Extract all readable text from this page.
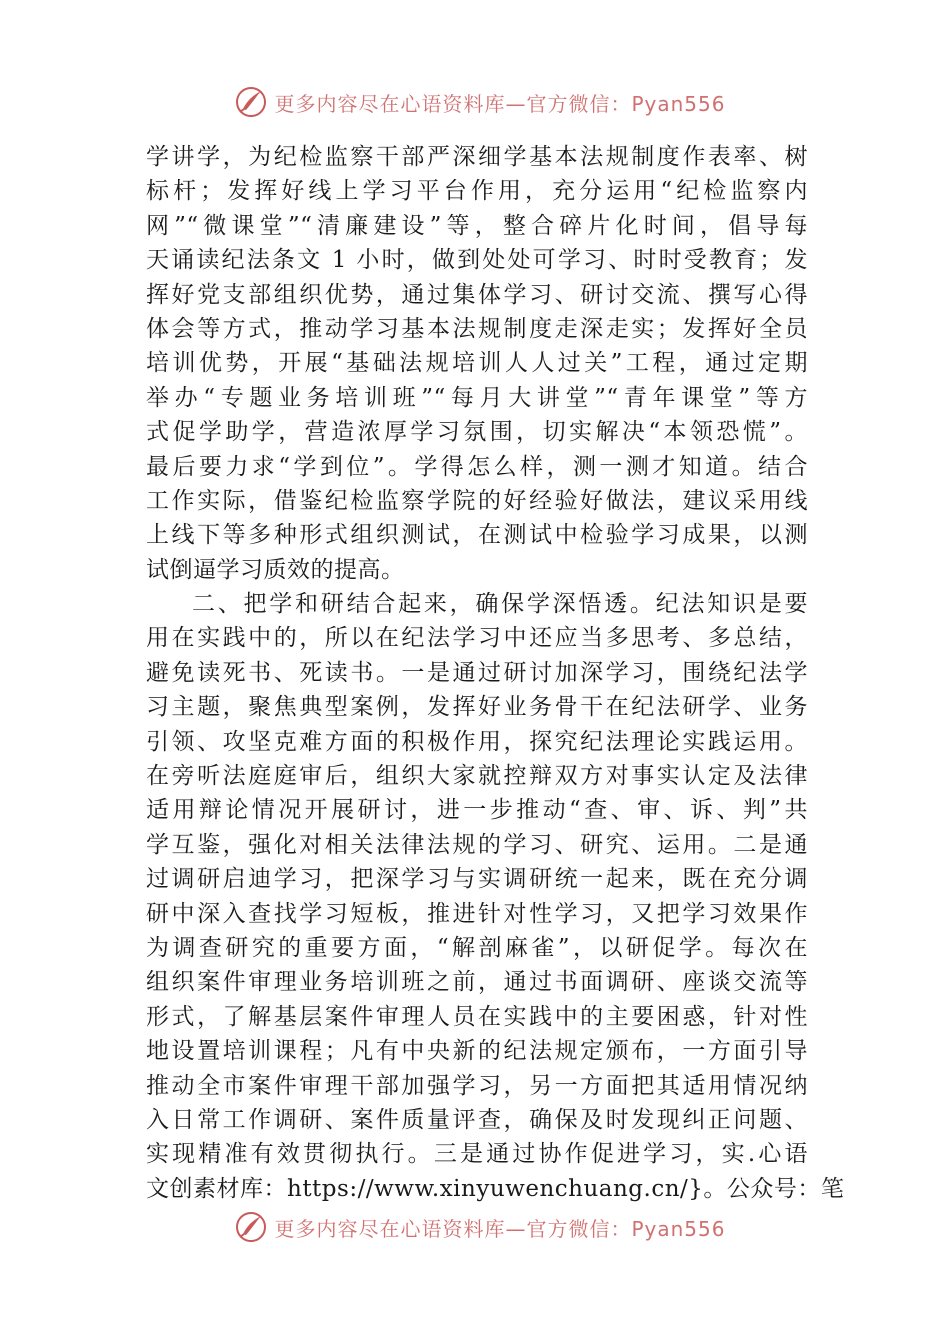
更多内容尽在心语资料库—官方微信：Pyan556
学讲学，为纪检监察干部严深细学基本法规制度作表率、树
标杆；发挥好线上学习平台作用，充分运用“纪检监察内
网”“微课堂”“清廉建设”等，整合碎片化时间，倡导每
天诵读纪法条文 1 小时，做到处处可学习、时时受教育；发
挥好党支部组织优势，通过集体学习、研讨交流、撰写心得
体会等方式，推动学习基本法规制度走深走实；发挥好全员
培训优势，开展“基础法规培训人人过关”工程，通过定期
举办“专题业务培训班”“每月大讲堂”“青年课堂”等方
式促学助学，营造浓厚学习氛围，切实解决“本领恐慌”。
最后要力求“学到位”。学得怎么样，测一测才知道。结合
工作实际，借鉴纪检监察学院的好经验好做法，建议采用线
上线下等多种形式组织测试，在测试中检验学习成果，以测
试倒逼学习质效的提高。
二、把学和研结合起来，确保学深悟透。纪法知识是要
用在实践中的，所以在纪法学习中还应当多思考、多总结，
避免读死书、死读书。一是通过研讨加深学习，围绕纪法学
习主题，聚焦典型案例，发挥好业务骨干在纪法研学、业务
引领、攻坚克难方面的积极作用，探究纪法理论实践运用。
在旁听法庭庭审后，组织大家就控辩双方对事实认定及法律
适用辩论情况开展研讨，进一步推动“查、审、诉、判”共
学互鉴，强化对相关法律法规的学习、研究、运用。二是通
过调研启迪学习，把深学习与实调研统一起来，既在充分调
研中深入查找学习短板，推进针对性学习，又把学习效果作
为调查研究的重要方面，“解剖麻雀”，以研促学。每次在
组织案件审理业务培训班之前，通过书面调研、座谈交流等
形式，了解基层案件审理人员在实践中的主要困惑，针对性
地设置培训课程；凡有中央新的纪法规定颁布，一方面引导
推动全市案件审理干部加强学习，另一方面把其适用情况纳
入日常工作调研、案件质量评查，确保及时发现纠正问题、
实现精准有效贯彻执行。三是通过协作促进学习，实.心语
文创素材库：https://www.xinyuwenchuang.cn/}。公众号：笔
更多内容尽在心语资料库—官方微信：Pyan556
